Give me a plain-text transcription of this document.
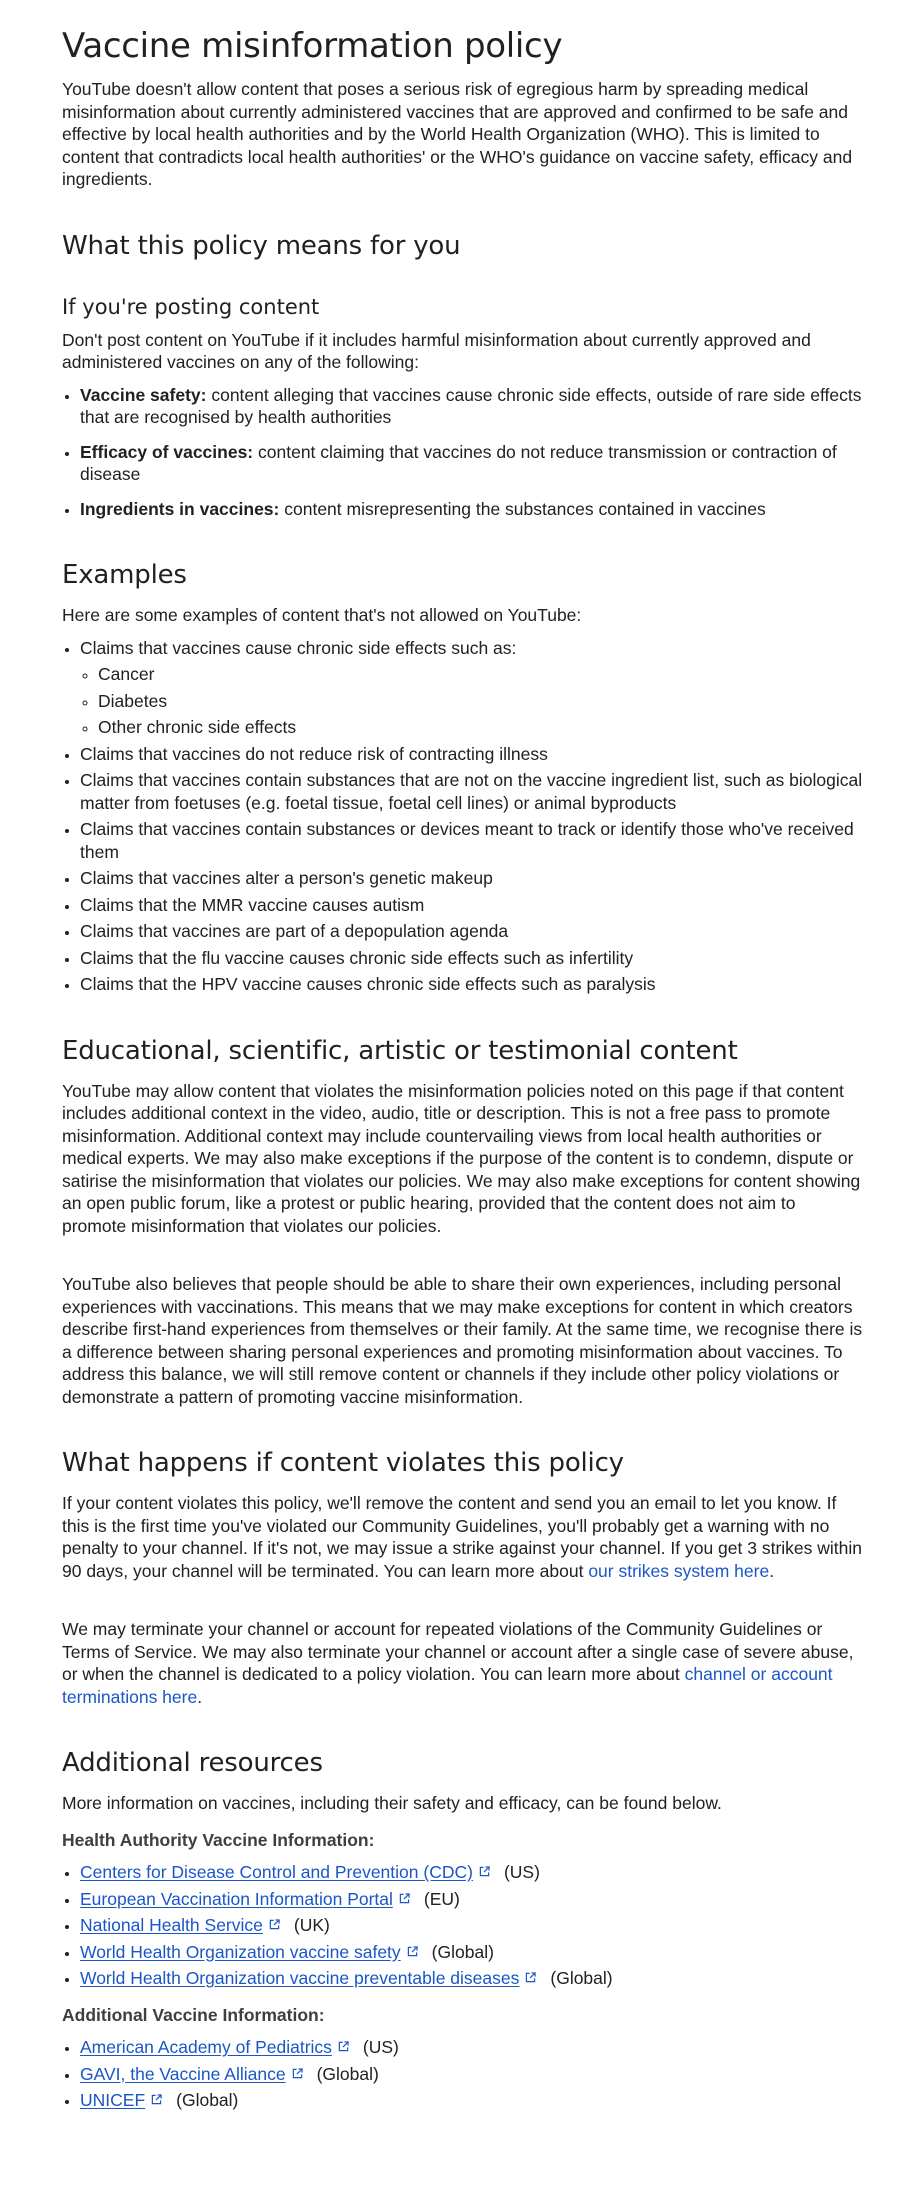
Vaccine misinformation policy

YouTube doesn't allow content that poses a serious risk of egregious harm by spreading medical misinformation about currently administered vaccines that are approved and confirmed to be safe and effective by local health authorities and by the World Health Organization (WHO). This is limited to content that contradicts local health authorities' or the WHO's guidance on vaccine safety, efficacy and ingredients.

What this policy means for you
If you're posting content

Don't post content on YouTube if it includes harmful misinformation about currently approved and administered vaccines on any of the following:

• Vaccine safety: content alleging that vaccines cause chronic side effects, outside of rare side effects that are recognised by health authorities
• Efficacy of vaccines: content claiming that vaccines do not reduce transmission or contraction of disease
• Ingredients in vaccines: content misrepresenting the substances contained in vaccines
Examples

Here are some examples of content that's not allowed on YouTube:

• Claims that vaccines cause chronic side effects such as:
◦ Cancer
◦ Diabetes
◦ Other chronic side effects
• Claims that vaccines do not reduce risk of contracting illness
• Claims that vaccines contain substances that are not on the vaccine ingredient list, such as biological matter from foetuses (e.g. foetal tissue, foetal cell lines) or animal byproducts
• Claims that vaccines contain substances or devices meant to track or identify those who've received them
• Claims that vaccines alter a person's genetic makeup
• Claims that the MMR vaccine causes autism
• Claims that vaccines are part of a depopulation agenda
• Claims that the flu vaccine causes chronic side effects such as infertility
• Claims that the HPV vaccine causes chronic side effects such as paralysis
Educational, scientific, artistic or testimonial content

YouTube may allow content that violates the misinformation policies noted on this page if that content includes additional context in the video, audio, title or description. This is not a free pass to promote misinformation. Additional context may include countervailing views from local health authorities or medical experts. We may also make exceptions if the purpose of the content is to condemn, dispute or satirise the misinformation that violates our policies. We may also make exceptions for content showing an open public forum, like a protest or public hearing, provided that the content does not aim to promote misinformation that violates our policies.

YouTube also believes that people should be able to share their own experiences, including personal experiences with vaccinations. This means that we may make exceptions for content in which creators describe first-hand experiences from themselves or their family. At the same time, we recognise there is a difference between sharing personal experiences and promoting misinformation about vaccines. To address this balance, we will still remove content or channels if they include other policy violations or demonstrate a pattern of promoting vaccine misinformation.

What happens if content violates this policy

If your content violates this policy, we'll remove the content and send you an email to let you know. If this is the first time you've violated our Community Guidelines, you'll probably get a warning with no penalty to your channel. If it's not, we may issue a strike against your channel. If you get 3 strikes within 90 days, your channel will be terminated. You can learn more about our strikes system here.

We may terminate your channel or account for repeated violations of the Community Guidelines or Terms of Service. We may also terminate your channel or account after a single case of severe abuse, or when the channel is dedicated to a policy violation. You can learn more about channel or account terminations here.

Additional resources

More information on vaccines, including their safety and efficacy, can be found below.

Health Authority Vaccine Information:
• Centers for Disease Control and Prevention (CDC) (US)
• European Vaccination Information Portal (EU)
• National Health Service (UK)
• World Health Organization vaccine safety (Global)
• World Health Organization vaccine preventable diseases (Global)
Additional Vaccine Information:
• American Academy of Pediatrics (US)
• GAVI, the Vaccine Alliance (Global)
• UNICEF (Global)
